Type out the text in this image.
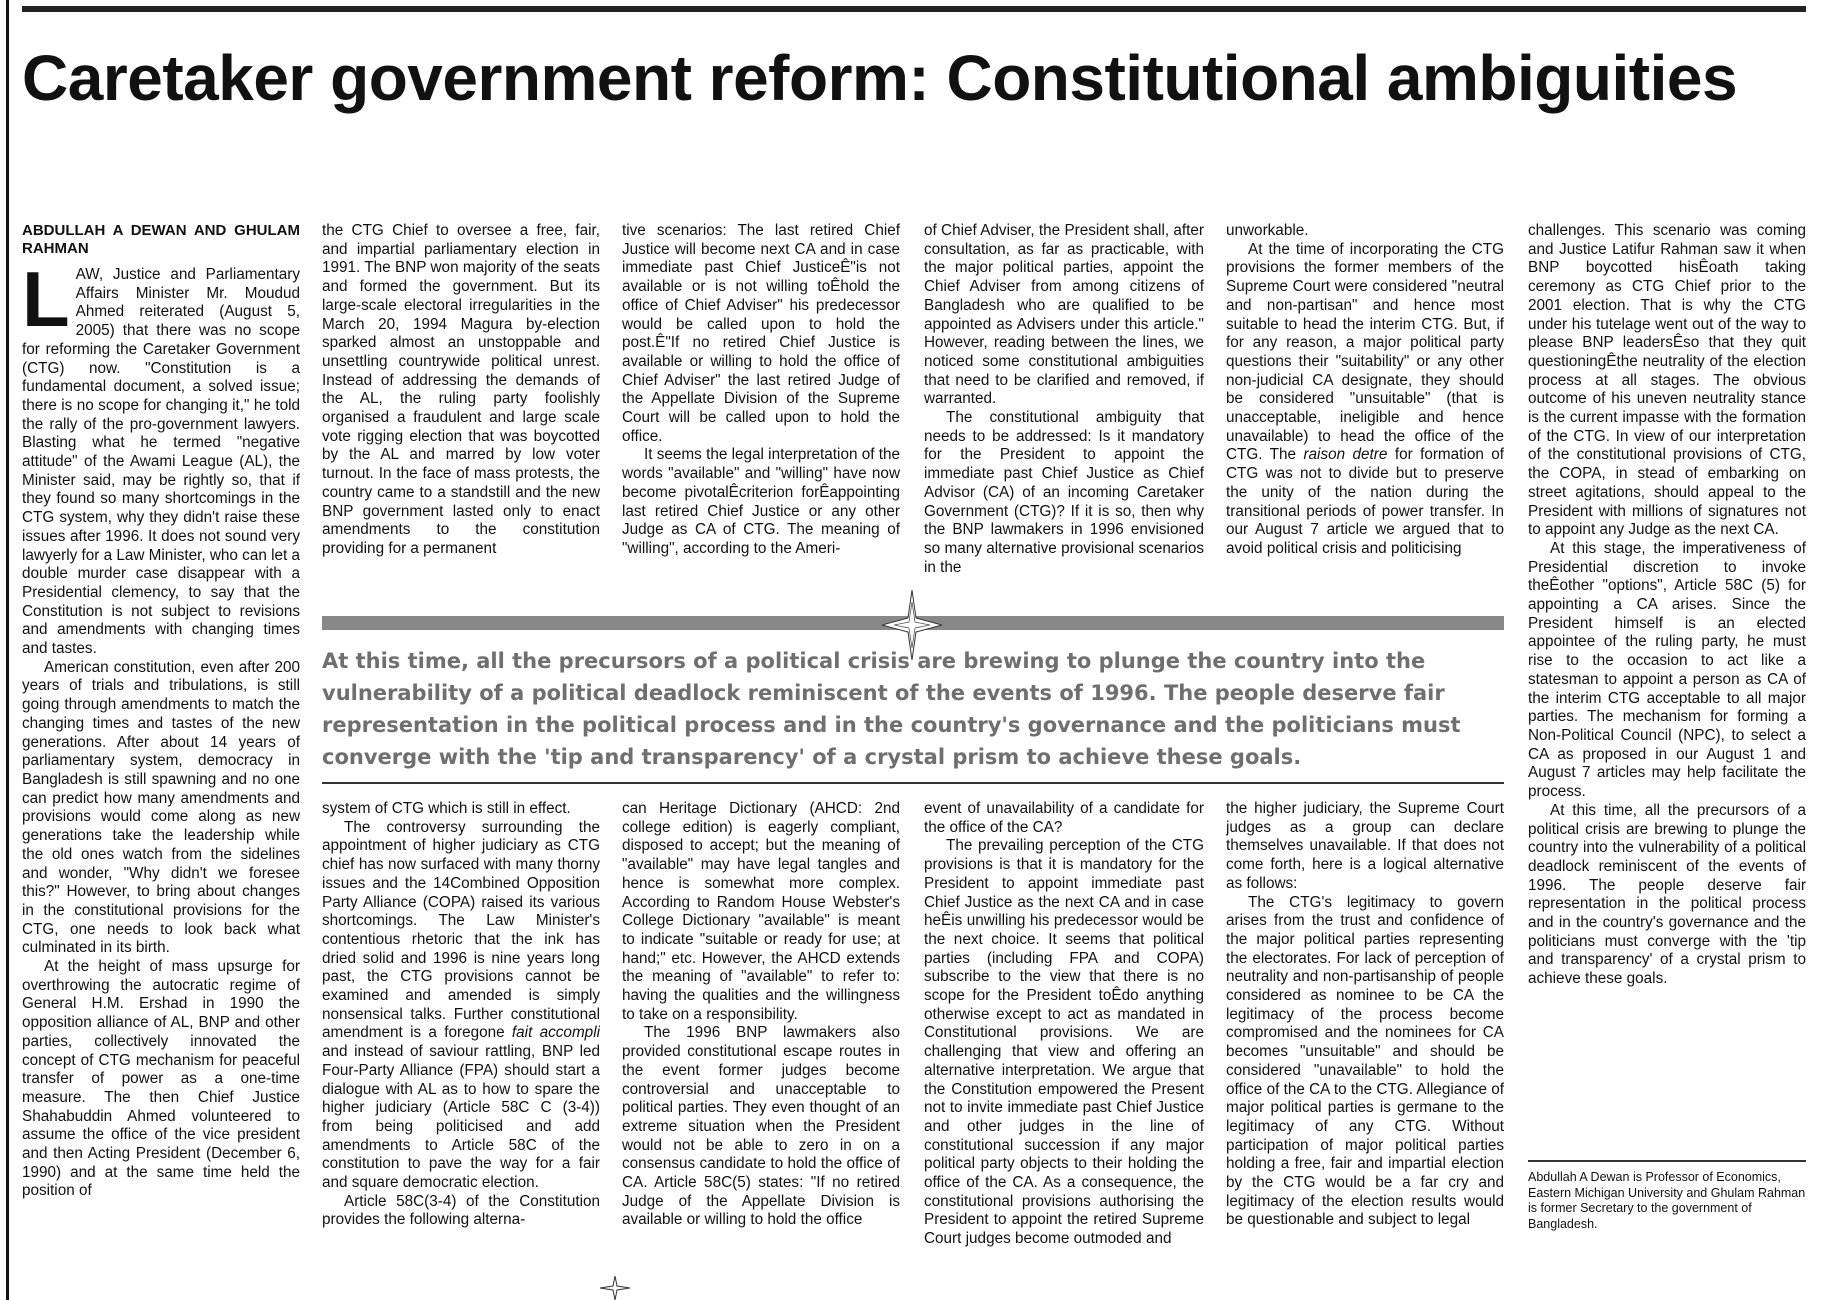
Caretaker government reform: Constitutional ambiguities
ABDULLAH A DEWAN AND GHULAM RAHMAN

LAW, Justice and Parliamentary Affairs Minister Mr. Moudud Ahmed reiterated (August 5, 2005) that there was no scope for reforming the Caretaker Government (CTG) now. "Constitution is a fundamental document, a solved issue; there is no scope for changing it," he told the rally of the pro-government lawyers. Blasting what he termed "negative attitude" of the Awami League (AL), the Minister said, may be rightly so, that if they found so many shortcomings in the CTG system, why they didn't raise these issues after 1996. It does not sound very lawyerly for a Law Minister, who can let a double murder case disappear with a Presidential clemency, to say that the Constitution is not subject to revisions and amendments with changing times and tastes.

American constitution, even after 200 years of trials and tribulations, is still going through amendments to match the changing times and tastes of the new generations. After about 14 years of parliamentary system, democracy in Bangladesh is still spawning and no one can predict how many amendments and provisions would come along as new generations take the leadership while the old ones watch from the sidelines and wonder, "Why didn't we foresee this?" However, to bring about changes in the constitutional provisions for the CTG, one needs to look back what culminated in its birth.

At the height of mass upsurge for overthrowing the autocratic regime of General H.M. Ershad in 1990 the opposition alliance of AL, BNP and other parties, collectively innovated the concept of CTG mechanism for peaceful transfer of power as a one-time measure. The then Chief Justice Shahabuddin Ahmed volunteered to assume the office of the vice president and then Acting President (December 6, 1990) and at the same time held the position of

the CTG Chief to oversee a free, fair, and impartial parliamentary election in 1991. The BNP won majority of the seats and formed the government. But its large-scale electoral irregularities in the March 20, 1994 Magura by-election sparked almost an unstoppable and unsettling countrywide political unrest. Instead of addressing the demands of the AL, the ruling party foolishly organised a fraudulent and large scale vote rigging election that was boycotted by the AL and marred by low voter turnout. In the face of mass protests, the country came to a standstill and the new BNP government lasted only to enact amendments to the constitution providing for a permanent

tive scenarios: The last retired Chief Justice will become next CA and in case immediate past Chief JusticeÊ"is not available or is not willing toÊhold the office of Chief Adviser" his predecessor would be called upon to hold the post.Ê"If no retired Chief Justice is available or willing to hold the office of Chief Adviser" the last retired Judge of the Appellate Division of the Supreme Court will be called upon to hold the office.

It seems the legal interpretation of the words "available" and "willing" have now become pivotalÊcriterion forÊappointing last retired Chief Justice or any other Judge as CA of CTG. The meaning of "willing", according to the Ameri-

of Chief Adviser, the President shall, after consultation, as far as practicable, with the major political parties, appoint the Chief Adviser from among citizens of Bangladesh who are qualified to be appointed as Advisers under this article." However, reading between the lines, we noticed some constitutional ambiguities that need to be clarified and removed, if warranted.

The constitutional ambiguity that needs to be addressed: Is it mandatory for the President to appoint the immediate past Chief Justice as Chief Advisor (CA) of an incoming Caretaker Government (CTG)? If it is so, then why the BNP lawmakers in 1996 envisioned so many alternative provisional scenarios in the

unworkable.

At the time of incorporating the CTG provisions the former members of the Supreme Court were considered "neutral and non-partisan" and hence most suitable to head the interim CTG. But, if for any reason, a major political party questions their "suitability" or any other non-judicial CA designate, they should be considered "unsuitable" (that is unacceptable, ineligible and hence unavailable) to head the office of the CTG. The raison detre for formation of CTG was not to divide but to preserve the unity of the nation during the transitional periods of power transfer. In our August 7 article we argued that to avoid political crisis and politicising

challenges. This scenario was coming and Justice Latifur Rahman saw it when BNP boycotted hisÊoath taking ceremony as CTG Chief prior to the 2001 election. That is why the CTG under his tutelage went out of the way to please BNP leadersÊso that they quit questioningÊthe neutrality of the election process at all stages. The obvious outcome of his uneven neutrality stance is the current impasse with the formation of the CTG. In view of our interpretation of the constitutional provisions of CTG, the COPA, in stead of embarking on street agitations, should appeal to the President with millions of signatures not to appoint any Judge as the next CA.

At this stage, the imperativeness of Presidential discretion to invoke theÊother "options", Article 58C (5) for appointing a CA arises. Since the President himself is an elected appointee of the ruling party, he must rise to the occasion to act like a statesman to appoint a person as CA of the interim CTG acceptable to all major parties. The mechanism for forming a Non-Political Council (NPC), to select a CA as proposed in our August 1 and August 7 articles may help facilitate the process.

At this time, all the precursors of a political crisis are brewing to plunge the country into the vulnerability of a political deadlock reminiscent of the events of 1996. The people deserve fair representation in the political process and in the country's governance and the politicians must converge with the 'tip and transparency' of a crystal prism to achieve these goals.

At this time, all the precursors of a political crisis are brewing to plunge the country into the vulnerability of a political deadlock reminiscent of the events of 1996. The people deserve fair representation in the political process and in the country's governance and the politicians must converge with the 'tip and transparency' of a crystal prism to achieve these goals.

system of CTG which is still in effect.

The controversy surrounding the appointment of higher judiciary as CTG chief has now surfaced with many thorny issues and the 14Combined Opposition Party Alliance (COPA) raised its various shortcomings. The Law Minister's contentious rhetoric that the ink has dried solid and 1996 is nine years long past, the CTG provisions cannot be examined and amended is simply nonsensical talks. Further constitutional amendment is a foregone fait accompli and instead of saviour rattling, BNP led Four-Party Alliance (FPA) should start a dialogue with AL as to how to spare the higher judiciary (Article 58C C (3-4)) from being politicised and add amendments to Article 58C of the constitution to pave the way for a fair and square democratic election.

Article 58C(3-4) of the Constitution provides the following alterna-

can Heritage Dictionary (AHCD: 2nd college edition) is eagerly compliant, disposed to accept; but the meaning of "available" may have legal tangles and hence is somewhat more complex. According to Random House Webster's College Dictionary "available" is meant to indicate "suitable or ready for use; at hand;" etc. However, the AHCD extends the meaning of "available" to refer to: having the qualities and the willingness to take on a responsibility.

The 1996 BNP lawmakers also provided constitutional escape routes in the event former judges become controversial and unacceptable to political parties. They even thought of an extreme situation when the President would not be able to zero in on a consensus candidate to hold the office of CA. Article 58C(5) states: "If no retired Judge of the Appellate Division is available or willing to hold the office

event of unavailability of a candidate for the office of the CA?

The prevailing perception of the CTG provisions is that it is mandatory for the President to appoint immediate past Chief Justice as the next CA and in case heÊis unwilling his predecessor would be the next choice. It seems that political parties (including FPA and COPA) subscribe to the view that there is no scope for the President toÊdo anything otherwise except to act as mandated in Constitutional provisions. We are challenging that view and offering an alternative interpretation. We argue that the Constitution empowered the Present not to invite immediate past Chief Justice and other judges in the line of constitutional succession if any major political party objects to their holding the office of the CA. As a consequence, the constitutional provisions authorising the President to appoint the retired Supreme Court judges become outmoded and

the higher judiciary, the Supreme Court judges as a group can declare themselves unavailable. If that does not come forth, here is a logical alternative as follows:

The CTG's legitimacy to govern arises from the trust and confidence of the major political parties representing the electorates. For lack of perception of neutrality and non-partisanship of people considered as nominee to be CA the legitimacy of the process become compromised and the nominees for CA becomes "unsuitable" and should be considered "unavailable" to hold the office of the CA to the CTG. Allegiance of major political parties is germane to the legitimacy of any CTG. Without participation of major political parties holding a free, fair and impartial election by the CTG would be a far cry and legitimacy of the election results would be questionable and subject to legal

Abdullah A Dewan is Professor of Economics, Eastern Michigan University and Ghulam Rahman is former Secretary to the government of Bangladesh.
